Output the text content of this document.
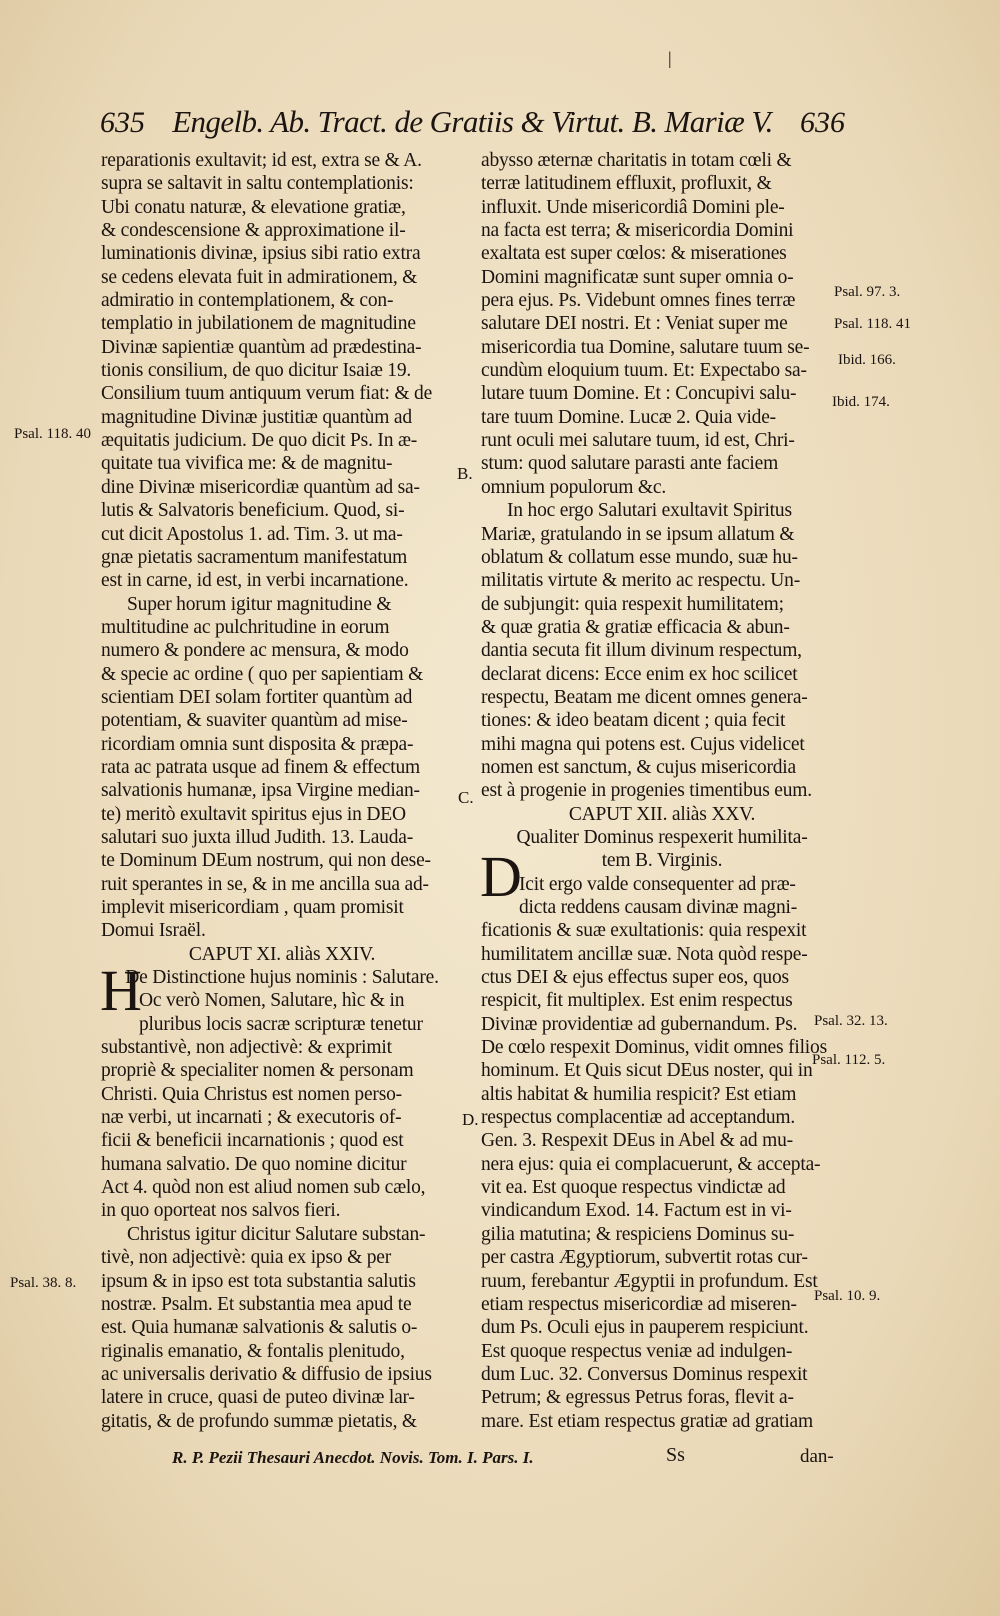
|
635 Engelb. Ab. Tract. de Gratiis & Virtut. B. Mariæ V. 636
reparationis exultavit; id est, extra se & A.
supra se saltavit in saltu contemplationis:
Ubi conatu naturæ, & elevatione gratiæ,
& condescensione & approximatione il-
luminationis divinæ, ipsius sibi ratio extra
se cedens elevata fuit in admirationem, &
admiratio in contemplationem, & con-
templatio in jubilationem de magnitudine
Divinæ sapientiæ quantùm ad prædestina-
tionis consilium, de quo dicitur Isaiæ 19.
Consilium tuum antiquum verum fiat: & de
magnitudine Divinæ justitiæ quantùm ad
æquitatis judicium. De quo dicit Ps. In æ-
quitate tua vivifica me: & de magnitu-
dine Divinæ misericordiæ quantùm ad sa-
lutis & Salvatoris beneficium. Quod, si-
cut dicit Apostolus 1. ad. Tim. 3. ut ma-
gnæ pietatis sacramentum manifestatum
est in carne, id est, in verbi incarnatione.
Super horum igitur magnitudine &
multitudine ac pulchritudine in eorum
numero & pondere ac mensura, & modo
& specie ac ordine ( quo per sapientiam &
scientiam DEI solam fortiter quantùm ad
potentiam, & suaviter quantùm ad mise-
ricordiam omnia sunt disposita & præpa-
rata ac patrata usque ad finem & effectum
salvationis humanæ, ipsa Virgine median-
te) meritò exultavit spiritus ejus in DEO
salutari suo juxta illud Judith. 13. Lauda-
te Dominum DEum nostrum, qui non dese-
ruit sperantes in se, & in me ancilla sua ad-
implevit misericordiam , quam promisit
Domui Israël.
CAPUT XI. aliàs XXIV.
De Distinctione hujus nominis : Salutare.
Oc verò Nomen, Salutare, hìc & in
pluribus locis sacræ scripturæ tenetur
substantivè, non adjectivè: & exprimit
propriè & specialiter nomen & personam
Christi. Quia Christus est nomen perso-
næ verbi, ut incarnati ; & executoris of-
ficii & beneficii incarnationis ; quod est
humana salvatio. De quo nomine dicitur
Act 4. quòd non est aliud nomen sub cælo,
in quo oporteat nos salvos fieri.
Christus igitur dicitur Salutare substan-
tivè, non adjectivè: quia ex ipso & per
ipsum & in ipso est tota substantia salutis
nostræ. Psalm. Et substantia mea apud te
est. Quia humanæ salvationis & salutis o-
riginalis emanatio, & fontalis plenitudo,
ac universalis derivatio & diffusio de ipsius
latere in cruce, quasi de puteo divinæ lar-
gitatis, & de profundo summæ pietatis, &
abysso æternæ charitatis in totam cœli &
terræ latitudinem effluxit, profluxit, &
influxit. Unde misericordiâ Domini ple-
na facta est terra; & misericordia Domini
exaltata est super cœlos: & miserationes
Domini magnificatæ sunt super omnia o-
pera ejus. Ps. Videbunt omnes fines terræ
salutare DEI nostri. Et : Veniat super me
misericordia tua Domine, salutare tuum se-
cundùm eloquium tuum. Et: Expectabo sa-
lutare tuum Domine. Et : Concupivi salu-
tare tuum Domine. Lucæ 2. Quia vide-
runt oculi mei salutare tuum, id est, Chri-
stum: quod salutare parasti ante faciem
omnium populorum &c.
In hoc ergo Salutari exultavit Spiritus
Mariæ, gratulando in se ipsum allatum &
oblatum & collatum esse mundo, suæ hu-
militatis virtute & merito ac respectu. Un-
de subjungit: quia respexit humilitatem;
& quæ gratia & gratiæ efficacia & abun-
dantia secuta fit illum divinum respectum,
declarat dicens: Ecce enim ex hoc scilicet
respectu, Beatam me dicent omnes genera-
tiones: & ideo beatam dicent ; quia fecit
mihi magna qui potens est. Cujus videlicet
nomen est sanctum, & cujus misericordia
est à progenie in progenies timentibus eum.
CAPUT XII. aliàs XXV.
Qualiter Dominus respexerit humilita-
tem B. Virginis.
Icit ergo valde consequenter ad præ-
dicta reddens causam divinæ magni-
ficationis & suæ exultationis: quia respexit
humilitatem ancillæ suæ. Nota quòd respe-
ctus DEI & ejus effectus super eos, quos
respicit, fit multiplex. Est enim respectus
Divinæ providentiæ ad gubernandum. Ps.
De cœlo respexit Dominus, vidit omnes filios
hominum. Et Quis sicut DEus noster, qui in
altis habitat & humilia respicit? Est etiam
respectus complacentiæ ad acceptandum.
Gen. 3. Respexit DEus in Abel & ad mu-
nera ejus: quia ei complacuerunt, & accepta-
vit ea. Est quoque respectus vindictæ ad
vindicandum Exod. 14. Factum est in vi-
gilia matutina; & respiciens Dominus su-
per castra Ægyptiorum, subvertit rotas cur-
ruum, ferebantur Ægyptii in profundum. Est
etiam respectus misericordiæ ad miseren-
dum Ps. Oculi ejus in pauperem respiciunt.
Est quoque respectus veniæ ad indulgen-
dum Luc. 32. Conversus Dominus respexit
Petrum; & egressus Petrus foras, flevit a-
mare. Est etiam respectus gratiæ ad gratiam
H
D
Psal. 118. 40
Psal. 38. 8.
Psal. 97. 3.
Psal. 118. 41
Ibid. 166.
Ibid. 174.
Psal. 32. 13.
Psal. 112. 5.
Psal. 10. 9.
B.
C.
D.
R. P. Pezii Thesauri Anecdot. Novis. Tom. I. Pars. I.	Ss	dan-
